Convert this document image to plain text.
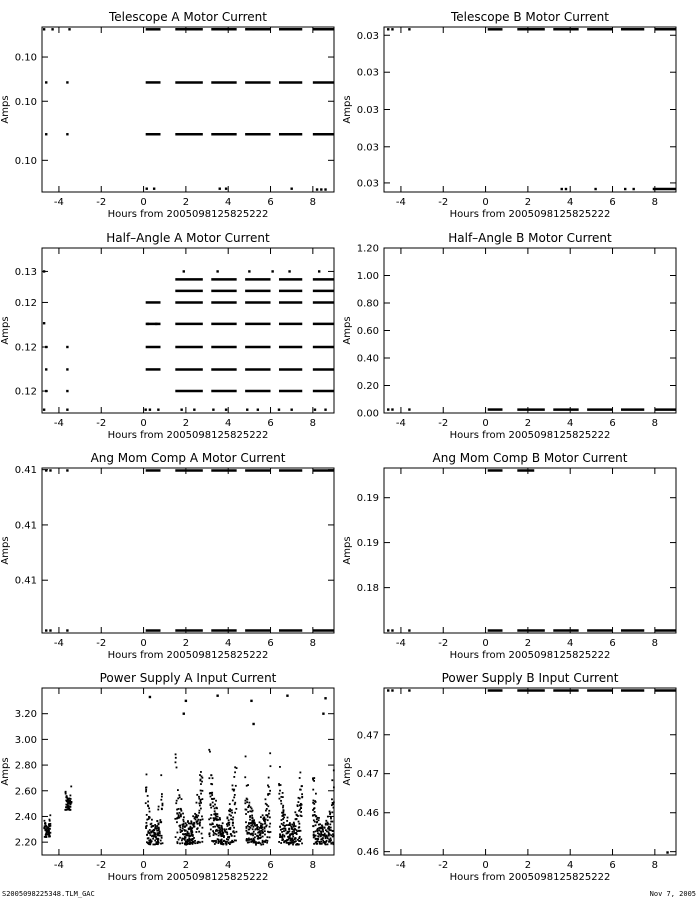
Telescope A Motor Current
-4	-2	0	2	4	6	8
0.10
0.10
0.10
Hours from 2005098125825222
Amps
Telescope B Motor Current
-4	-2	0	2	4	6	8
0.03
0.03
0.03
0.03
0.03
Hours from 2005098125825222
Amps
Half–Angle A Motor Current
-4	-2	0	2	4	6	8
0.12
0.12
0.12
0.13
Hours from 2005098125825222
Amps
Half–Angle B Motor Current
-4	-2	0	2	4	6	8
0.00
0.20
0.40
0.60
0.80
1.00
1.20
Hours from 2005098125825222
Amps
Ang Mom Comp A Motor Current
-4	-2	0	2	4	6	8
0.41
0.41
0.41
Hours from 2005098125825222
Amps
Ang Mom Comp B Motor Current
-4	-2	0	2	4	6	8
0.18
0.19
0.19
Hours from 2005098125825222
Amps
Power Supply A Input Current
-4	-2	0	2	4	6	8
2.20
2.40
2.60
2.80
3.00
3.20
Hours from 2005098125825222
Amps
Power Supply B Input Current
-4	-2	0	2	4	6	8
0.46
0.46
0.47
0.47
Hours from 2005098125825222
Amps
S2005098225348.TLM_GAC	Nov 7, 2005
